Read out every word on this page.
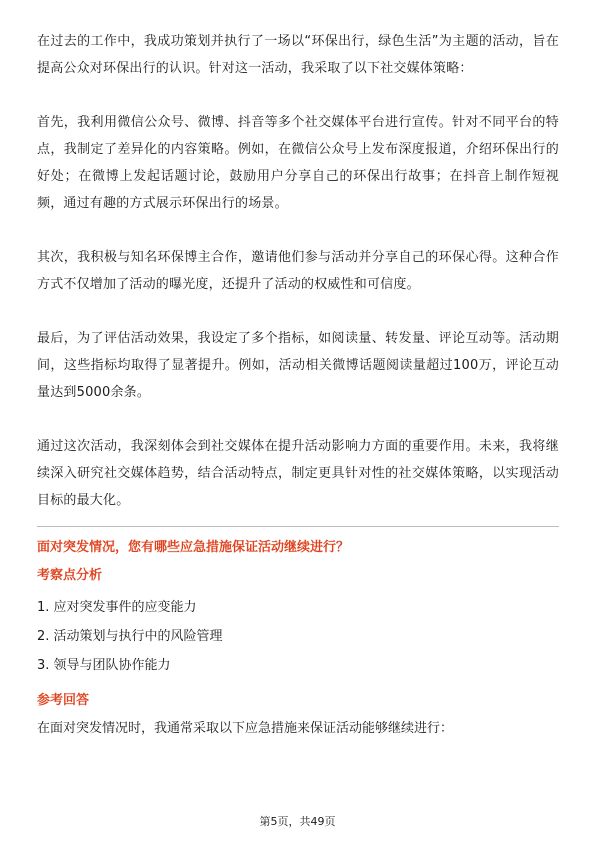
在过去的工作中，我成功策划并执行了一场以“环保出行，绿色生活”为主题的活动，旨在提高公众对环保出行的认识。针对这一活动，我采取了以下社交媒体策略：

首先，我利用微信公众号、微博、抖音等多个社交媒体平台进行宣传。针对不同平台的特点，我制定了差异化的内容策略。例如，在微信公众号上发布深度报道，介绍环保出行的好处；在微博上发起话题讨论，鼓励用户分享自己的环保出行故事；在抖音上制作短视频，通过有趣的方式展示环保出行的场景。

其次，我积极与知名环保博主合作，邀请他们参与活动并分享自己的环保心得。这种合作方式不仅增加了活动的曝光度，还提升了活动的权威性和可信度。

最后，为了评估活动效果，我设定了多个指标，如阅读量、转发量、评论互动等。活动期间，这些指标均取得了显著提升。例如，活动相关微博话题阅读量超过100万，评论互动量达到5000余条。

通过这次活动，我深刻体会到社交媒体在提升活动影响力方面的重要作用。未来，我将继续深入研究社交媒体趋势，结合活动特点，制定更具针对性的社交媒体策略，以实现活动目标的最大化。

面对突发情况，您有哪些应急措施保证活动继续进行？
考察点分析
1. 应对突发事件的应变能力
2. 活动策划与执行中的风险管理
3. 领导与团队协作能力
参考回答

在面对突发情况时，我通常采取以下应急措施来保证活动能够继续进行：

第5页，共49页
